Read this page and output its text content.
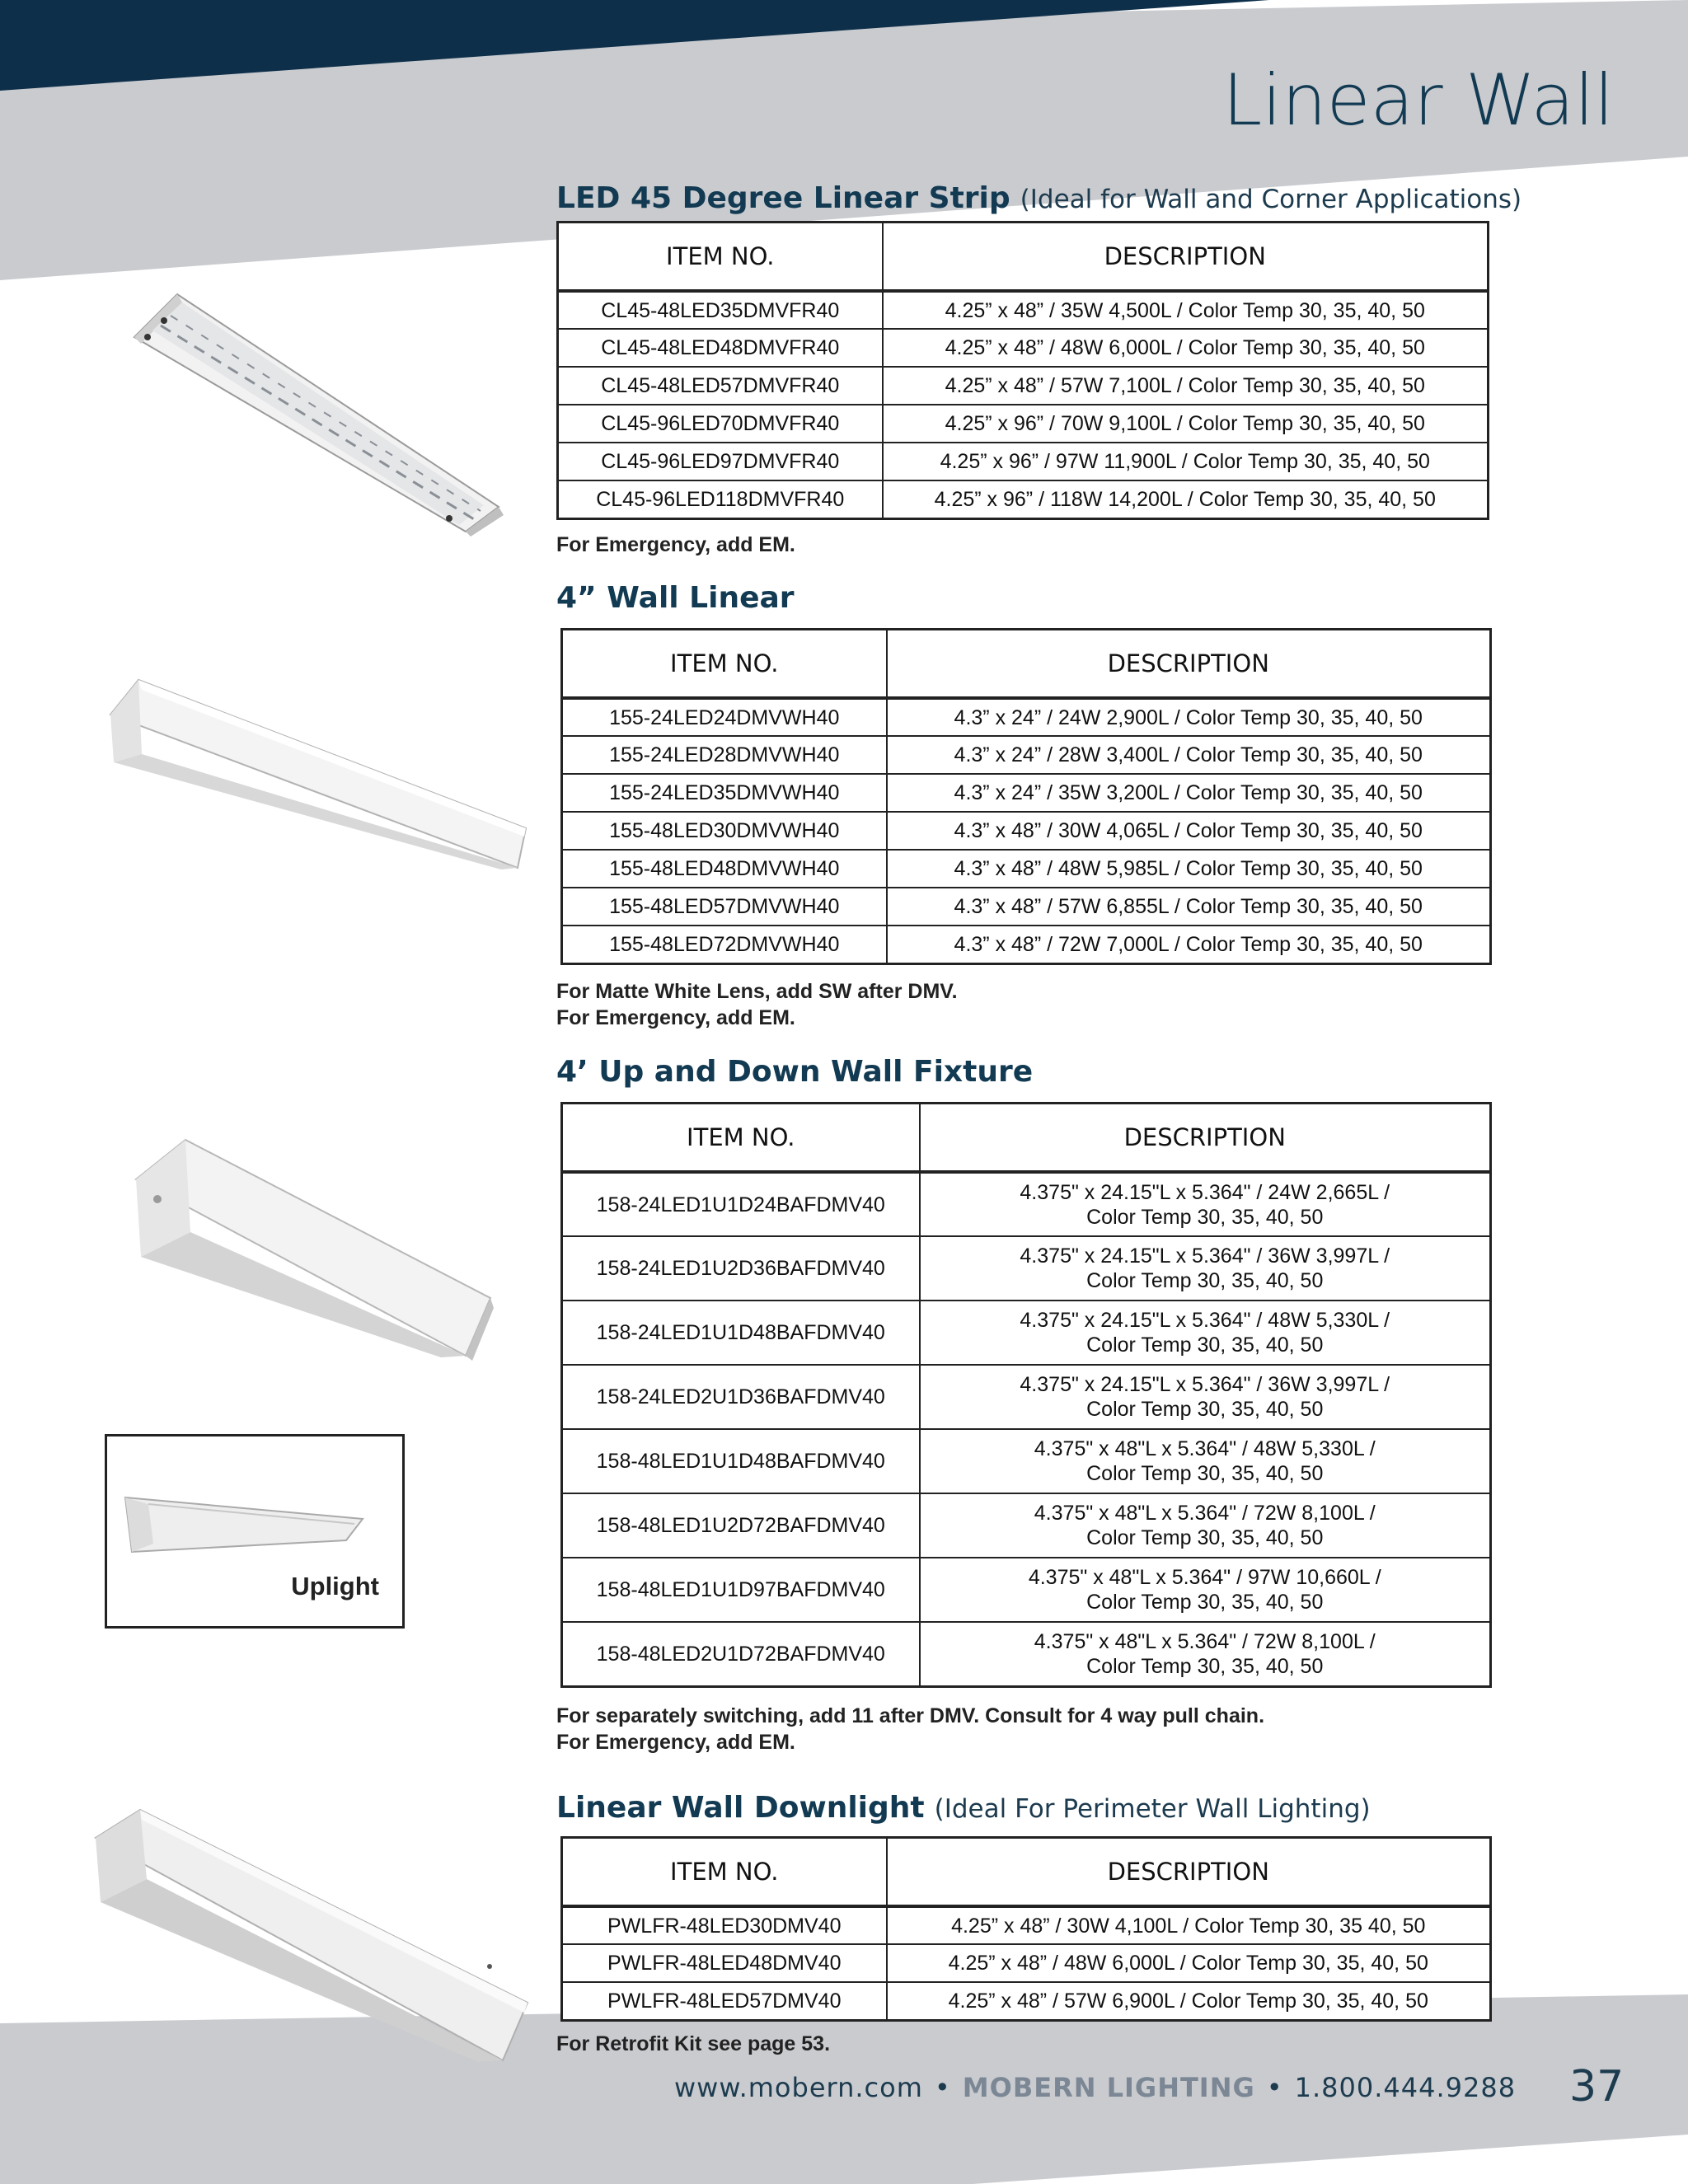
Linear Wall
LED 45 Degree Linear Strip (Ideal for Wall and Corner Applications)
ITEM NO.	DESCRIPTION
CL45-48LED35DMVFR40	4.25” x 48” / 35W 4,500L / Color Temp 30, 35, 40, 50
CL45-48LED48DMVFR40	4.25” x 48” / 48W 6,000L / Color Temp 30, 35, 40, 50
CL45-48LED57DMVFR40	4.25” x 48” / 57W 7,100L / Color Temp 30, 35, 40, 50
CL45-96LED70DMVFR40	4.25” x 96” / 70W 9,100L / Color Temp 30, 35, 40, 50
CL45-96LED97DMVFR40	4.25” x 96” / 97W 11,900L / Color Temp 30, 35, 40, 50
CL45-96LED118DMVFR40	4.25” x 96” / 118W 14,200L / Color Temp 30, 35, 40, 50
For Emergency, add EM.
4” Wall Linear
ITEM NO.	DESCRIPTION
155-24LED24DMVWH40	4.3” x 24” / 24W 2,900L / Color Temp 30, 35, 40, 50
155-24LED28DMVWH40	4.3” x 24” / 28W 3,400L / Color Temp 30, 35, 40, 50
155-24LED35DMVWH40	4.3” x 24” / 35W 3,200L / Color Temp 30, 35, 40, 50
155-48LED30DMVWH40	4.3” x 48” / 30W 4,065L / Color Temp 30, 35, 40, 50
155-48LED48DMVWH40	4.3” x 48” / 48W 5,985L / Color Temp 30, 35, 40, 50
155-48LED57DMVWH40	4.3” x 48” / 57W 6,855L / Color Temp 30, 35, 40, 50
155-48LED72DMVWH40	4.3” x 48” / 72W 7,000L / Color Temp 30, 35, 40, 50
For Matte White Lens, add SW after DMV.
For Emergency, add EM.
4’ Up and Down Wall Fixture
ITEM NO.	DESCRIPTION
158-24LED1U1D24BAFDMV40	4.375" x 24.15"L x 5.364" / 24W 2,665L /
Color Temp 30, 35, 40, 50

158-24LED1U2D36BAFDMV40	4.375" x 24.15"L x 5.364" / 36W 3,997L /
Color Temp 30, 35, 40, 50

158-24LED1U1D48BAFDMV40	4.375" x 24.15"L x 5.364" / 48W 5,330L /
Color Temp 30, 35, 40, 50

158-24LED2U1D36BAFDMV40	4.375" x 24.15"L x 5.364" / 36W 3,997L /
Color Temp 30, 35, 40, 50

158-48LED1U1D48BAFDMV40	4.375" x 48"L x 5.364" / 48W 5,330L /
Color Temp 30, 35, 40, 50

158-48LED1U2D72BAFDMV40	4.375" x 48"L x 5.364" / 72W 8,100L /
Color Temp 30, 35, 40, 50

158-48LED1U1D97BAFDMV40	4.375" x 48"L x 5.364" / 97W 10,660L /
Color Temp 30, 35, 40, 50

158-48LED2U1D72BAFDMV40	4.375" x 48"L x 5.364" / 72W 8,100L /
Color Temp 30, 35, 40, 50
For separately switching, add 11 after DMV. Consult for 4 way pull chain.
For Emergency, add EM.
Linear Wall Downlight (Ideal For Perimeter Wall Lighting)
ITEM NO.	DESCRIPTION
PWLFR-48LED30DMV40	4.25” x 48” / 30W 4,100L / Color Temp 30, 35 40, 50
PWLFR-48LED48DMV40	4.25” x 48” / 48W 6,000L / Color Temp 30, 35, 40, 50
PWLFR-48LED57DMV40	4.25” x 48” / 57W 6,900L / Color Temp 30, 35, 40, 50
For Retrofit Kit see page 53.
Uplight
www.mobern.com • MOBERN LIGHTING • 1.800.444.9288 37
